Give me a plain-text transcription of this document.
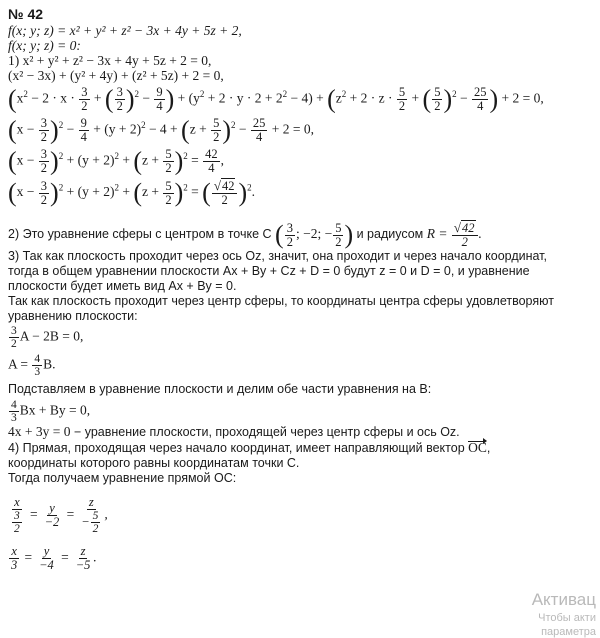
№ 42
f(x; y; z) = x² + y² + z² − 3x + 4y + 5z + 2,
f(x; y; z) = 0:
1) x² + y² + z² − 3x + 4y + 5z + 2 = 0,
(x² − 3x) + (y² + 4y) + (z² + 5z) + 2 = 0,
($x^2 - 2 \cdot x \cdot \frac{3}{2}$ + ( $\frac{3}{2} )^2 - \frac{9}{4}$ ) + $(y^2 + 2 \cdot y \cdot 2 + 2^2 - 4) + (z^2 + 2 \cdot z \cdot \frac{5}{2}$ + ( $\frac{5}{2} )^2 - \frac{25}{4}$ ) + 2 = 0,
$(x - \frac{3}{2} )^2 - \frac{9}{4} + (y + 2)^2 - 4 + (z + \frac{5}{2} )^2 - \frac{25}{4} + 2 = 0$,
$(x - \frac{3}{2} )^2 + (y + 2)^2 + (z + \frac{5}{2} )^2 = \frac{42}{4}$ ,
$(x - \frac{3}{2} )^2 + (y + 2)^2 + (z + \frac{5}{2} )^2$ = ( $\frac{√42}{2} )^2$.
2) Это уравнение сферы с центром в точке C ( $\frac{3}{2}$ ; −2; − $\frac{5}{2}$ ) и радиусом $R = \frac{√42}{2}$ .
3) Так как плоскость проходит через ось Oz, значит, она проходит и через начало координат,
тогда в общем уравнении плоскости Ax + By + Cz + D = 0 будут z = 0 и D = 0, и уравнение
плоскости будет иметь вид Ax + By = 0.
Так как плоскость проходит через центр сферы, то координаты центра сферы удовлетворяют
уравнению плоскости:
$\frac{3}{2}$ A − 2B = 0,
$A = \frac{4}{3} B$.
Подставляем в уравнение плоскости и делим обе части уравнения на B:
$\frac{4}{3}$ Bx + By = 0,
4x + 3y = 0 − уравнение плоскости, проходящей через центр сферы и ось Oz.
4) Прямая, проходящая через начало координат, имеет направляющий вектор OC,
координаты которого равны координатам точки C.
Тогда получаем уравнение прямой OC:
$\frac{x}{\frac{3}{2}} = \frac{y}{-2} = \frac{z}{- \frac{5}{2}}$ ,
$\frac{x}{3} = \frac{y}{-4} = \frac{z}{-5}$ .
Активац
Чтобы акти
параметра
